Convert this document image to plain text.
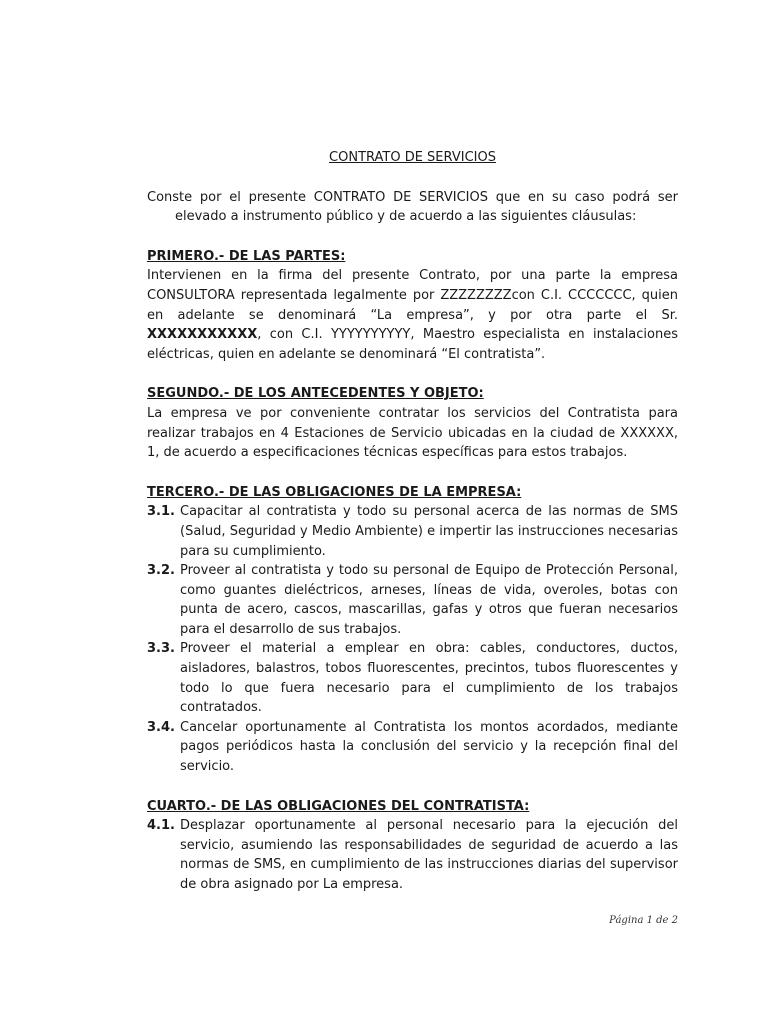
CONTRATO DE SERVICIOS

Conste por el presente CONTRATO DE SERVICIOS que en su caso podrá ser elevado a instrumento público y de acuerdo a las siguientes cláusulas:

PRIMERO.- DE LAS PARTES:

Intervienen en la firma del presente Contrato, por una parte la empresa CONSULTORA representada legalmente por ZZZZZZZZcon C.I. CCCCCCC, quien en adelante se denominará “La empresa”, y por otra parte el Sr. XXXXXXXXXXX, con C.I. YYYYYYYYYY, Maestro especialista en instalaciones eléctricas, quien en adelante se denominará “El contratista”.

SEGUNDO.- DE LOS ANTECEDENTES Y OBJETO:

La empresa ve por conveniente contratar los servicios del Contratista para realizar trabajos en 4 Estaciones de Servicio ubicadas en la ciudad de XXXXXX, 1, de acuerdo a especificaciones técnicas específicas para estos trabajos.

TERCERO.- DE LAS OBLIGACIONES DE LA EMPRESA:

3.1. Capacitar al contratista y todo su personal acerca de las normas de SMS (Salud, Seguridad y Medio Ambiente) e impertir las instrucciones necesarias para su cumplimiento.
3.2. Proveer al contratista y todo su personal de Equipo de Protección Personal, como guantes dieléctricos, arneses, líneas de vida, overoles, botas con punta de acero, cascos, mascarillas, gafas y otros que fueran necesarios para el desarrollo de sus trabajos.
3.3. Proveer el material a emplear en obra: cables, conductores, ductos, aisladores, balastros, tobos fluorescentes, precintos, tubos fluorescentes y todo lo que fuera necesario para el cumplimiento de los trabajos contratados.
3.4. Cancelar oportunamente al Contratista los montos acordados, mediante pagos periódicos hasta la conclusión del servicio y la recepción final del servicio.

CUARTO.- DE LAS OBLIGACIONES DEL CONTRATISTA:

4.1. Desplazar oportunamente al personal necesario para la ejecución del servicio, asumiendo las responsabilidades de seguridad de acuerdo a las normas de SMS, en cumplimiento de las instrucciones diarias del supervisor de obra asignado por La empresa.
Página 1 de 2
